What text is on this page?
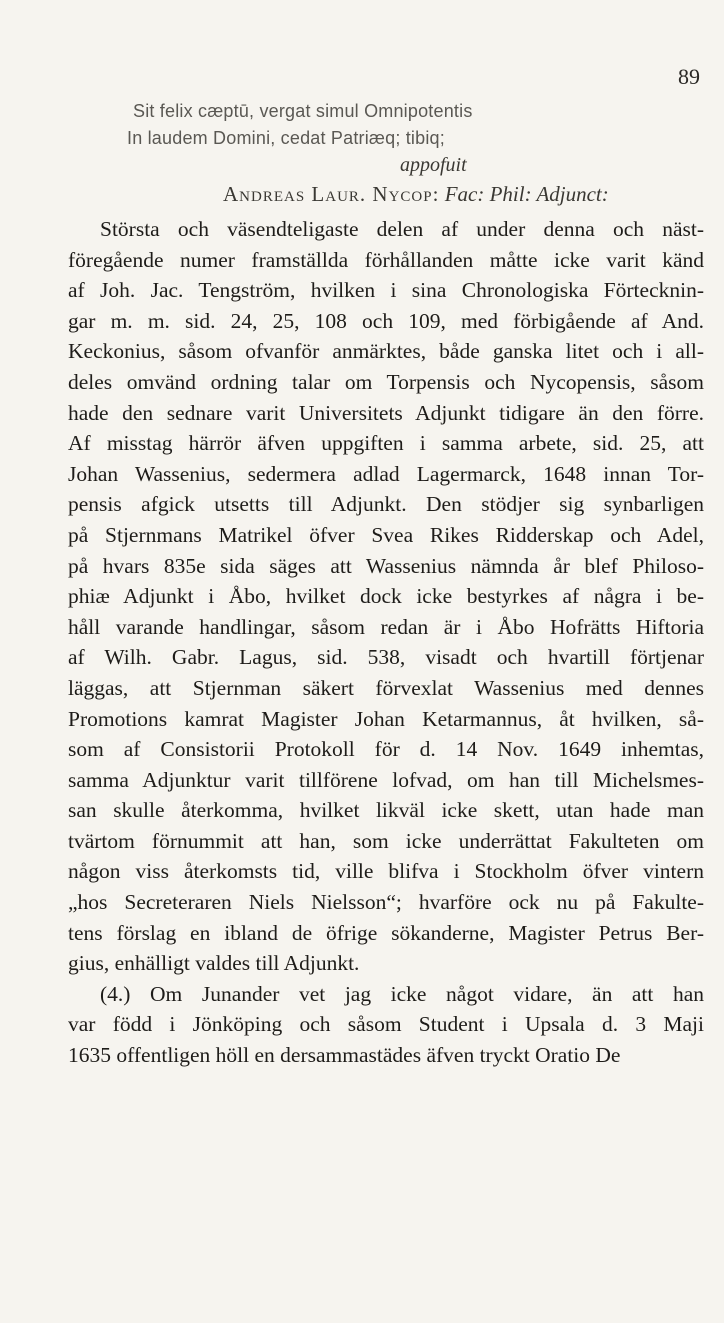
89
Sit felix cæptū, vergat simul Omnipotentis
In laudem Domini, cedat Patriæq; tibiq;
appofuit
Andreas Laur. Nycop: Fac: Phil: Adjunct:
Största och väsendteligaste delen af under denna och näst-
föregående numer framställda förhållanden måtte icke varit känd
af Joh. Jac. Tengström, hvilken i sina Chronologiska Förtecknin-
gar m. m. sid. 24, 25, 108 och 109, med förbigående af And.
Keckonius, såsom ofvanför anmärktes, både ganska litet och i all-
deles omvänd ordning talar om Torpensis och Nycopensis, såsom
hade den sednare varit Universitets Adjunkt tidigare än den förre.
Af misstag härrör äfven uppgiften i samma arbete, sid. 25, att
Johan Wassenius, sedermera adlad Lagermarck, 1648 innan Tor-
pensis afgick utsetts till Adjunkt. Den stödjer sig synbarligen
på Stjernmans Matrikel öfver Svea Rikes Ridderskap och Adel,
på hvars 835e sida säges att Wassenius nämnda år blef Philoso-
phiæ Adjunkt i Åbo, hvilket dock icke bestyrkes af några i be-
håll varande handlingar, såsom redan är i Åbo Hofrätts Hiftoria
af Wilh. Gabr. Lagus, sid. 538, visadt och hvartill förtjenar
läggas, att Stjernman säkert förvexlat Wassenius med dennes
Promotions kamrat Magister Johan Ketarmannus, åt hvilken, så-
som af Consistorii Protokoll för d. 14 Nov. 1649 inhemtas,
samma Adjunktur varit tillförene lofvad, om han till Michelsmes-
san skulle återkomma, hvilket likväl icke skett, utan hade man
tvärtom förnummit att han, som icke underrättat Fakulteten om
någon viss återkomsts tid, ville blifva i Stockholm öfver vintern
„hos Secreteraren Niels Nielsson“; hvarföre ock nu på Fakulte-
tens förslag en ibland de öfrige sökanderne, Magister Petrus Ber-
gius, enhälligt valdes till Adjunkt.
(4.) Om Junander vet jag icke något vidare, än att han
var född i Jönköping och såsom Student i Upsala d. 3 Maji
1635 offentligen höll en dersammastädes äfven tryckt Oratio De
